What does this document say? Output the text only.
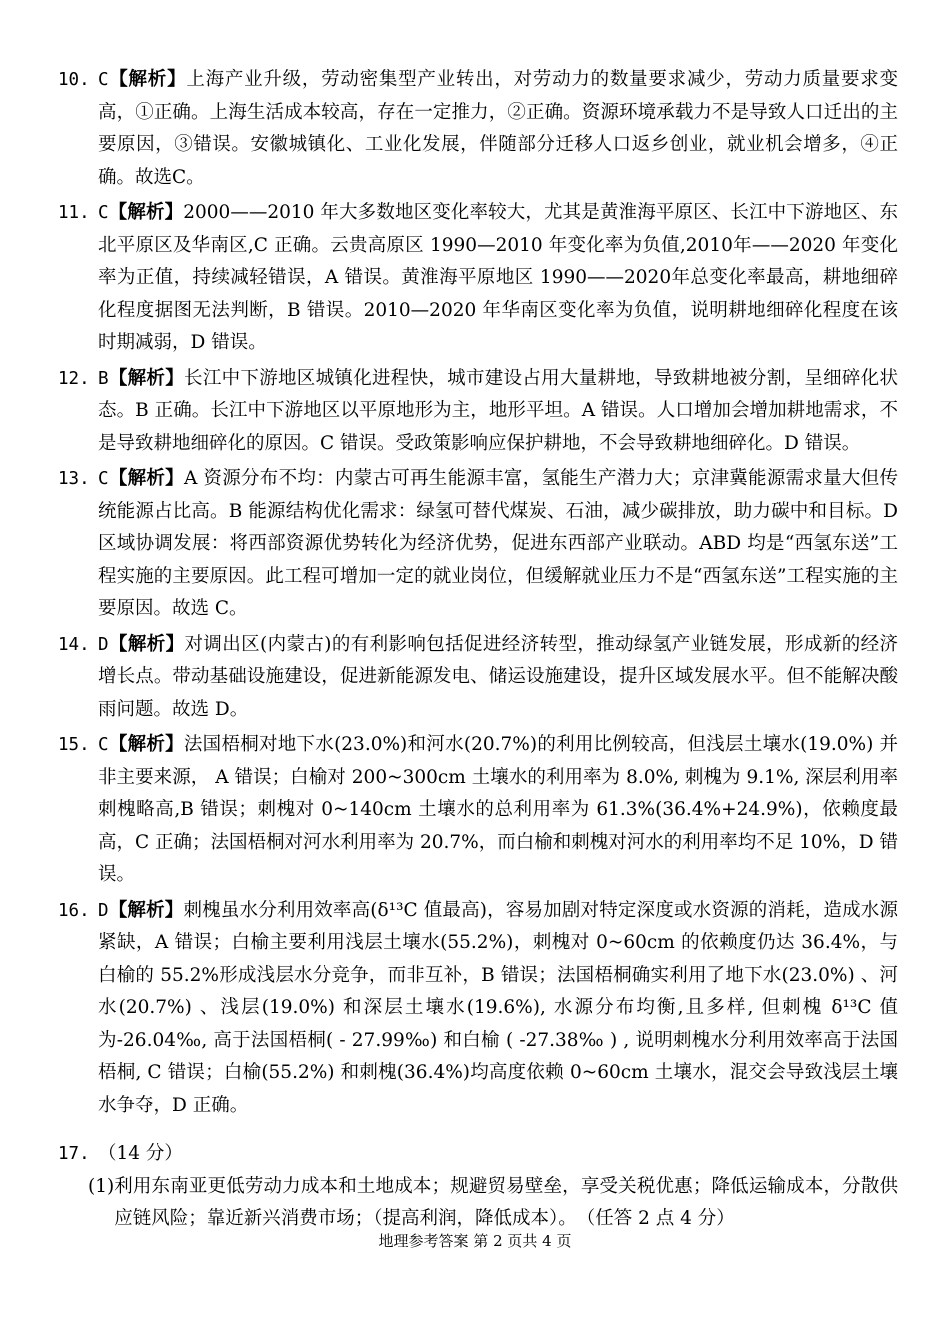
10. C【解析】上海产业升级，劳动密集型产业转出，对劳动力的数量要求减少，劳动力质量要求变高，①正确。上海生活成本较高，存在一定推力，②正确。资源环境承载力不是导致人口迁出的主要原因，③错误。安徽城镇化、工业化发展，伴随部分迁移人口返乡创业，就业机会增多，④正确。故选C。
11. C【解析】2000——2010 年大多数地区变化率较大，尤其是黄淮海平原区、长江中下游地区、东北平原区及华南区,C 正确。云贵高原区 1990—2010 年变化率为负值,2010年——2020 年变化率为正值，持续减轻错误，A 错误。黄淮海平原地区 1990——2020年总变化率最高，耕地细碎化程度据图无法判断，B 错误。2010—2020 年华南区变化率为负值，说明耕地细碎化程度在该时期减弱，D 错误。
12. B【解析】长江中下游地区城镇化进程快，城市建设占用大量耕地，导致耕地被分割，呈细碎化状态。B 正确。长江中下游地区以平原地形为主，地形平坦。A 错误。人口增加会增加耕地需求，不是导致耕地细碎化的原因。C 错误。受政策影响应保护耕地，不会导致耕地细碎化。D 错误。
13. C【解析】A 资源分布不均：内蒙古可再生能源丰富，氢能生产潜力大；京津冀能源需求量大但传统能源占比高。B 能源结构优化需求：绿氢可替代煤炭、石油，减少碳排放，助力碳中和目标。D 区域协调发展：将西部资源优势转化为经济优势，促进东西部产业联动。ABD 均是“西氢东送”工程实施的主要原因。此工程可增加一定的就业岗位，但缓解就业压力不是“西氢东送”工程实施的主要原因。故选 C。
14. D【解析】对调出区(内蒙古)的有利影响包括促进经济转型，推动绿氢产业链发展，形成新的经济增长点。带动基础设施建设，促进新能源发电、储运设施建设，提升区域发展水平。但不能解决酸雨问题。故选 D。
15. C【解析】法国梧桐对地下水(23.0%)和河水(20.7%)的利用比例较高，但浅层土壤水(19.0%) 并非主要来源， A 错误；白榆对 200~300cm 土壤水的利用率为 8.0%, 刺槐为 9.1%, 深层利用率刺槐略高,B 错误；刺槐对 0~140cm 土壤水的总利用率为 61.3%(36.4%+24.9%)，依赖度最高，C 正确；法国梧桐对河水利用率为 20.7%，而白榆和刺槐对河水的利用率均不足 10%，D 错误。
16. D【解析】刺槐虽水分利用效率高(δ¹³C 值最高)，容易加剧对特定深度或水资源的消耗，造成水源紧缺，A 错误；白榆主要利用浅层土壤水(55.2%)，刺槐对 0~60cm 的依赖度仍达 36.4%，与白榆的 55.2%形成浅层水分竞争，而非互补，B 错误；法国梧桐确实利用了地下水(23.0%) 、河水(20.7%) 、浅层(19.0%) 和深层土壤水(19.6%), 水源分布均衡,且多样, 但刺槐 δ¹³C 值为-26.04‰, 高于法国梧桐( - 27.99‰) 和白榆 ( -27.38‰ ) , 说明刺槐水分利用效率高于法国梧桐, C 错误；白榆(55.2%) 和刺槐(36.4%)均高度依赖 0~60cm 土壤水，混交会导致浅层土壤水争夺，D 正确。
17. （14 分）
(1) 利用东南亚更低劳动力成本和土地成本；规避贸易壁垒，享受关税优惠；降低运输成本，分散供应链风险；靠近新兴消费市场；（提高利润，降低成本）。　（任答 2 点 4 分）
地理参考答案 第 2 页共 4 页
